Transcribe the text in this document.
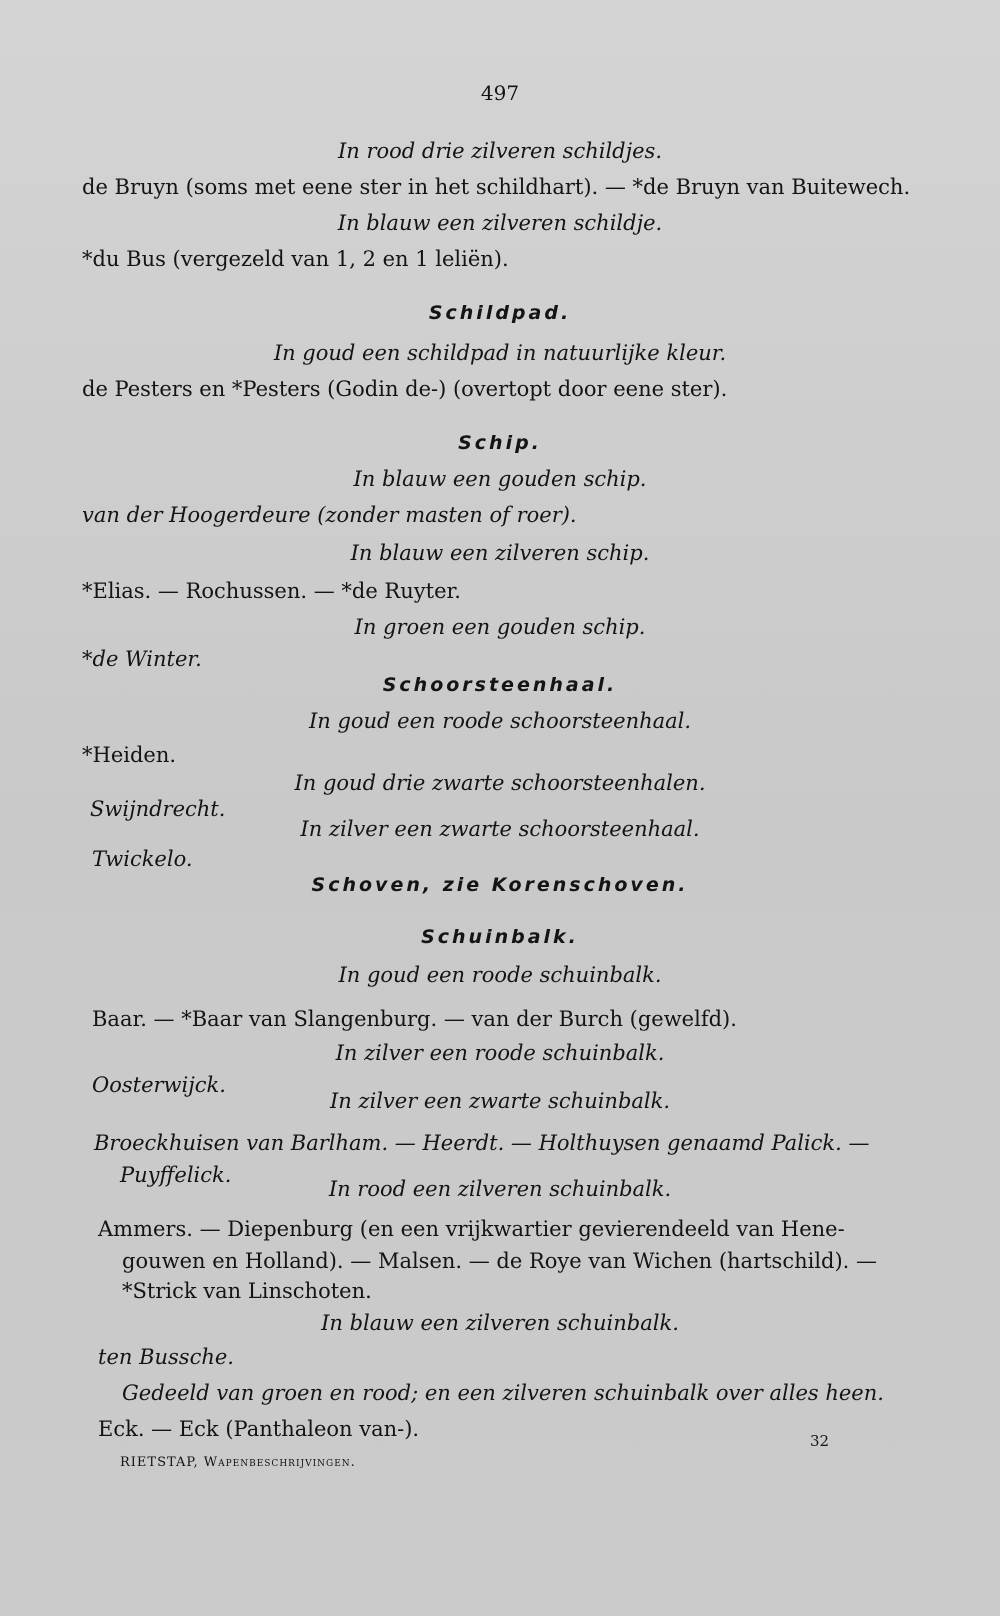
497
In rood drie zilveren schildjes.
de Bruyn (soms met eene ster in het schildhart). — *de Bruyn van Buitewech.
In blauw een zilveren schildje.
*du Bus (vergezeld van 1, 2 en 1 leliën).
Schildpad.
In goud een schildpad in natuurlijke kleur.
de Pesters en *Pesters (Godin de-) (overtopt door eene ster).
Schip.
In blauw een gouden schip.
van der Hoogerdeure (zonder masten of roer).
In blauw een zilveren schip.
*Elias. — Rochussen. — *de Ruyter.
In groen een gouden schip.
*de Winter.
Schoorsteenhaal.
In goud een roode schoorsteenhaal.
*Heiden.
In goud drie zwarte schoorsteenhalen.
Swijndrecht.
In zilver een zwarte schoorsteenhaal.
Twickelo.
Schoven, zie Korenschoven.
Schuinbalk.
In goud een roode schuinbalk.
Baar. — *Baar van Slangenburg. — van der Burch (gewelfd).
In zilver een roode schuinbalk.
Oosterwijck.
In zilver een zwarte schuinbalk.
Broeckhuisen van Barlham. — Heerdt. — Holthuysen genaamd Palick. —
Puyffelick.
In rood een zilveren schuinbalk.
Ammers. — Diepenburg (en een vrijkwartier gevierendeeld van Hene-
gouwen en Holland). — Malsen. — de Roye van Wichen (hartschild). —
*Strick van Linschoten.
In blauw een zilveren schuinbalk.
ten Bussche.
Gedeeld van groen en rood; en een zilveren schuinbalk over alles heen.
Eck. — Eck (Panthaleon van-).
RIETSTAP, Wapenbeschrijvingen.
32
